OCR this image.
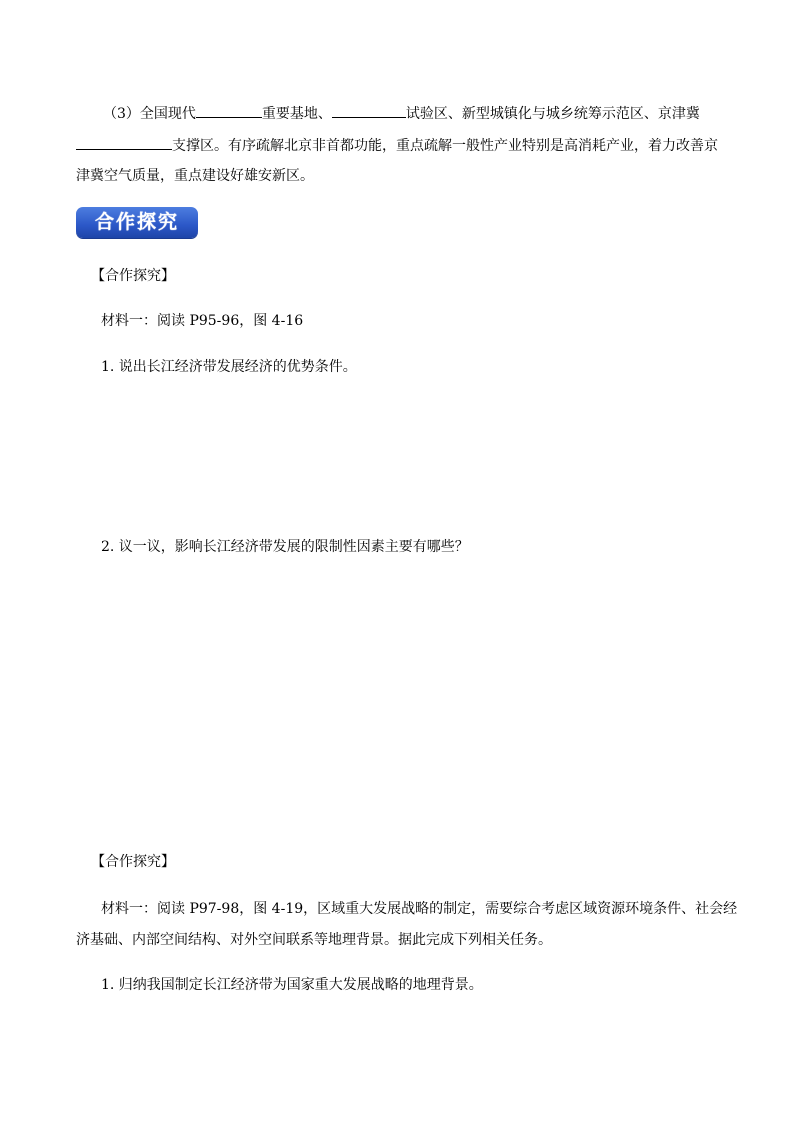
（3）全国现代	重要基地、	试验区、新型城镇化与城乡统筹示范区、京津冀
支撑区。有序疏解北京非首都功能，重点疏解一般性产业特别是高消耗产业，着力改善京
津冀空气质量，重点建设好雄安新区。
合作探究
【合作探究】
材料一：阅读 P95-96，图 4-16
1. 说出长江经济带发展经济的优势条件。
2. 议一议，影响长江经济带发展的限制性因素主要有哪些？
【合作探究】
材料一：阅读 P97-98，图 4-19，区域重大发展战略的制定，需要综合考虑区域资源环境条件、社会经
济基础、内部空间结构、对外空间联系等地理背景。据此完成下列相关任务。
1. 归纳我国制定长江经济带为国家重大发展战略的地理背景。
